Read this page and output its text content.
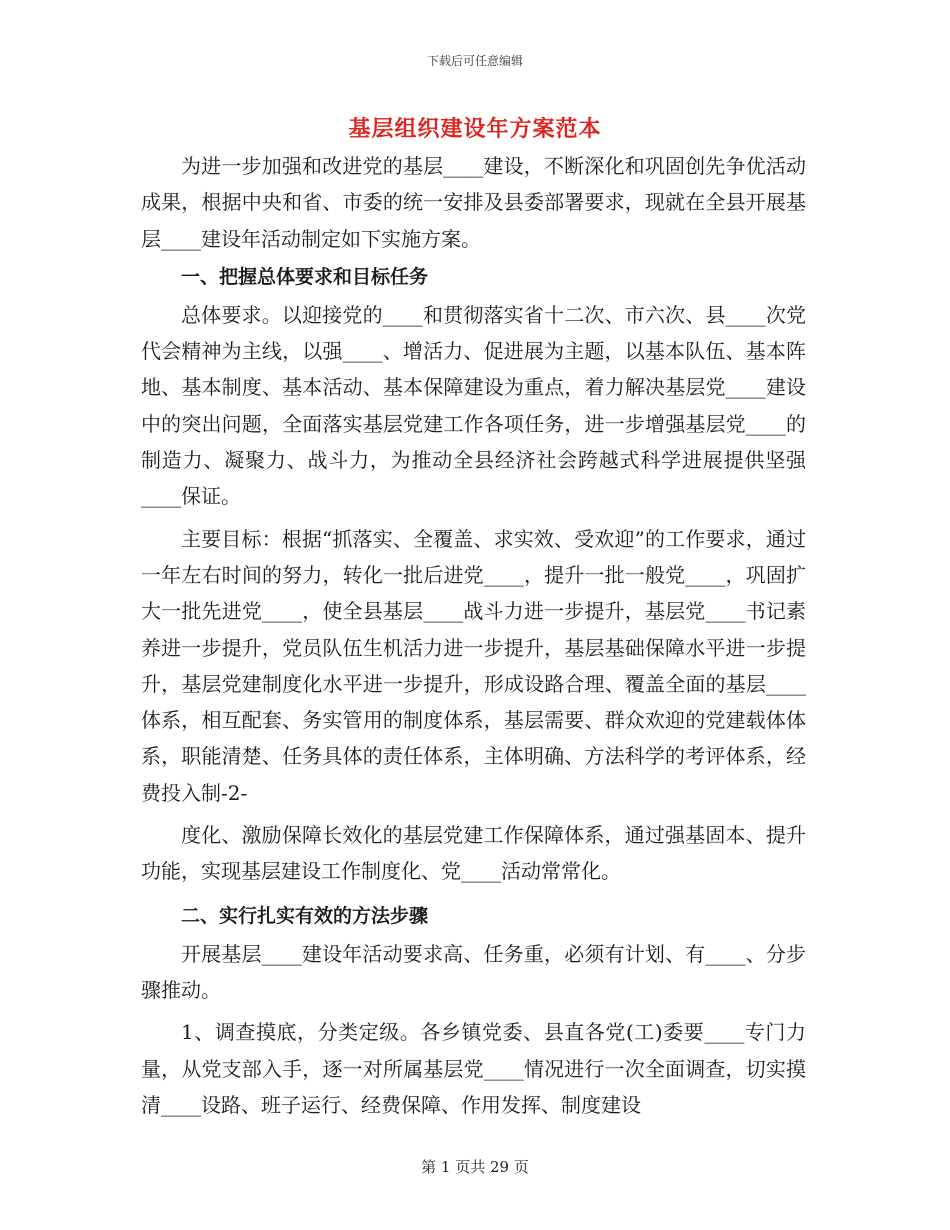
下载后可任意编辑
基层组织建设年方案范本

为进一步加强和改进党的基层____建设，不断深化和巩固创先争优活动成果，根据中央和省、市委的统一安排及县委部署要求，现就在全县开展基层____建设年活动制定如下实施方案。

一、把握总体要求和目标任务

总体要求。以迎接党的____和贯彻落实省十二次、市六次、县____次党代会精神为主线，以强____、增活力、促进展为主题，以基本队伍、基本阵地、基本制度、基本活动、基本保障建设为重点，着力解决基层党____建设中的突出问题，全面落实基层党建工作各项任务，进一步增强基层党____的制造力、凝聚力、战斗力，为推动全县经济社会跨越式科学进展提供坚强____保证。

主要目标：根据“抓落实、全覆盖、求实效、受欢迎”的工作要求，通过一年左右时间的努力，转化一批后进党____，提升一批一般党____，巩固扩大一批先进党____，使全县基层____战斗力进一步提升，基层党____书记素养进一步提升，党员队伍生机活力进一步提升，基层基础保障水平进一步提升，基层党建制度化水平进一步提升，形成设路合理、覆盖全面的基层____体系，相互配套、务实管用的制度体系，基层需要、群众欢迎的党建载体体系，职能清楚、任务具体的责任体系，主体明确、方法科学的考评体系，经费投入制-2-

度化、激励保障长效化的基层党建工作保障体系，通过强基固本、提升功能，实现基层建设工作制度化、党____活动常常化。

二、实行扎实有效的方法步骤

开展基层____建设年活动要求高、任务重，必须有计划、有____、分步骤推动。

1、调查摸底，分类定级。各乡镇党委、县直各党(工)委要____专门力量，从党支部入手，逐一对所属基层党____情况进行一次全面调查，切实摸清____设路、班子运行、经费保障、作用发挥、制度建设

第 1 页共 29 页
